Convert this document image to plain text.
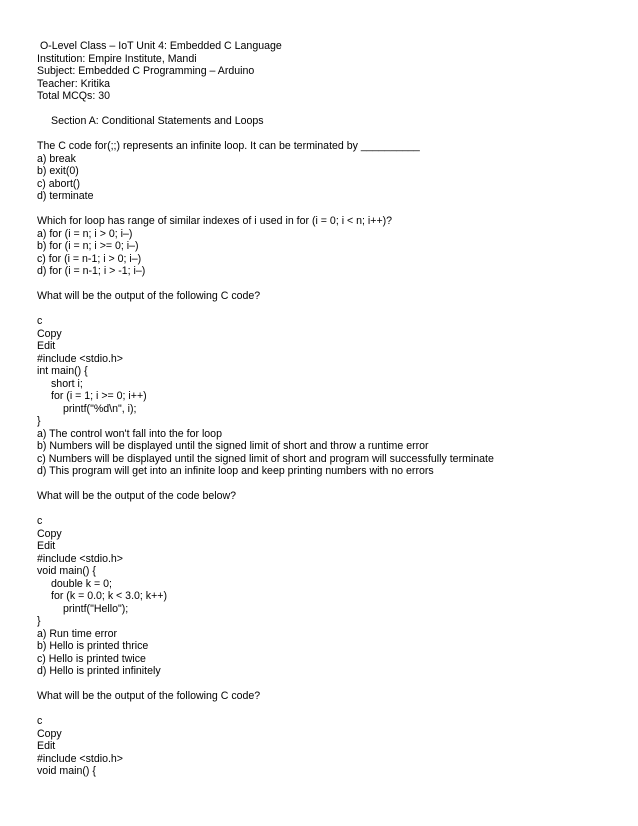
O-Level Class – IoT Unit 4: Embedded C Language
Institution: Empire Institute, Mandi
Subject: Embedded C Programming – Arduino
Teacher: Kritika
Total MCQs: 30
Section A: Conditional Statements and Loops
The C code for(;;) represents an infinite loop. It can be terminated by __________
a) break
b) exit(0)
c) abort()
d) terminate
Which for loop has range of similar indexes of i used in for (i = 0; i < n; i++)?
a) for (i = n; i > 0; i–)
b) for (i = n; i >= 0; i–)
c) for (i = n-1; i > 0; i–)
d) for (i = n-1; i > -1; i–)
What will be the output of the following C code?
c
Copy
Edit
#include <stdio.h>
int main() {
short i;
for (i = 1; i >= 0; i++)
printf("%d\n", i);
}
a) The control won't fall into the for loop
b) Numbers will be displayed until the signed limit of short and throw a runtime error
c) Numbers will be displayed until the signed limit of short and program will successfully terminate
d) This program will get into an infinite loop and keep printing numbers with no errors
What will be the output of the code below?
c
Copy
Edit
#include <stdio.h>
void main() {
double k = 0;
for (k = 0.0; k < 3.0; k++)
printf("Hello");
}
a) Run time error
b) Hello is printed thrice
c) Hello is printed twice
d) Hello is printed infinitely
What will be the output of the following C code?
c
Copy
Edit
#include <stdio.h>
void main() {
